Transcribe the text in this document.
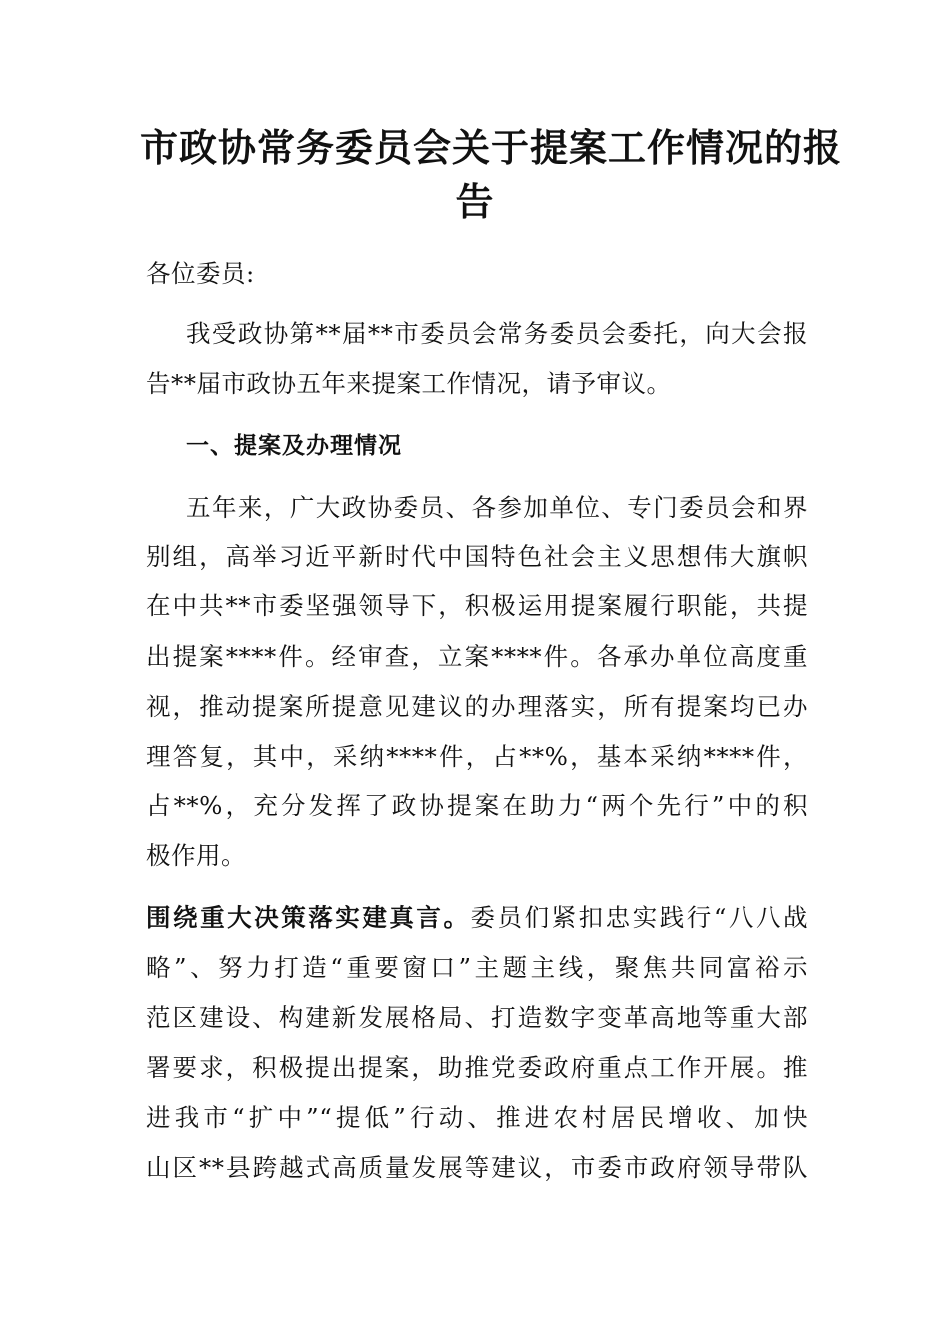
市政协常务委员会关于提案工作情况的报
告

各位委员:

我受政协第**届**市委员会常务委员会委托，向大会报

告**届市政协五年来提案工作情况，请予审议。

一、提案及办理情况

五年来，广大政协委员、各参加单位、专门委员会和界

别组，高举习近平新时代中国特色社会主义思想伟大旗帜

在中共**市委坚强领导下，积极运用提案履行职能，共提

出提案****件。经审查，立案****件。各承办单位高度重

视，推动提案所提意见建议的办理落实，所有提案均已办

理答复，其中，采纳****件，占**%，基本采纳****件，

占**%，充分发挥了政协提案在助力“两个先行”中的积

极作用。

围绕重大决策落实建真言。委员们紧扣忠实践行“八八战

略”、努力打造“重要窗口”主题主线，聚焦共同富裕示

范区建设、构建新发展格局、打造数字变革高地等重大部

署要求，积极提出提案，助推党委政府重点工作开展。推

进我市“扩中”“提低”行动、推进农村居民增收、加快

山区**县跨越式高质量发展等建议，市委市政府领导带队
